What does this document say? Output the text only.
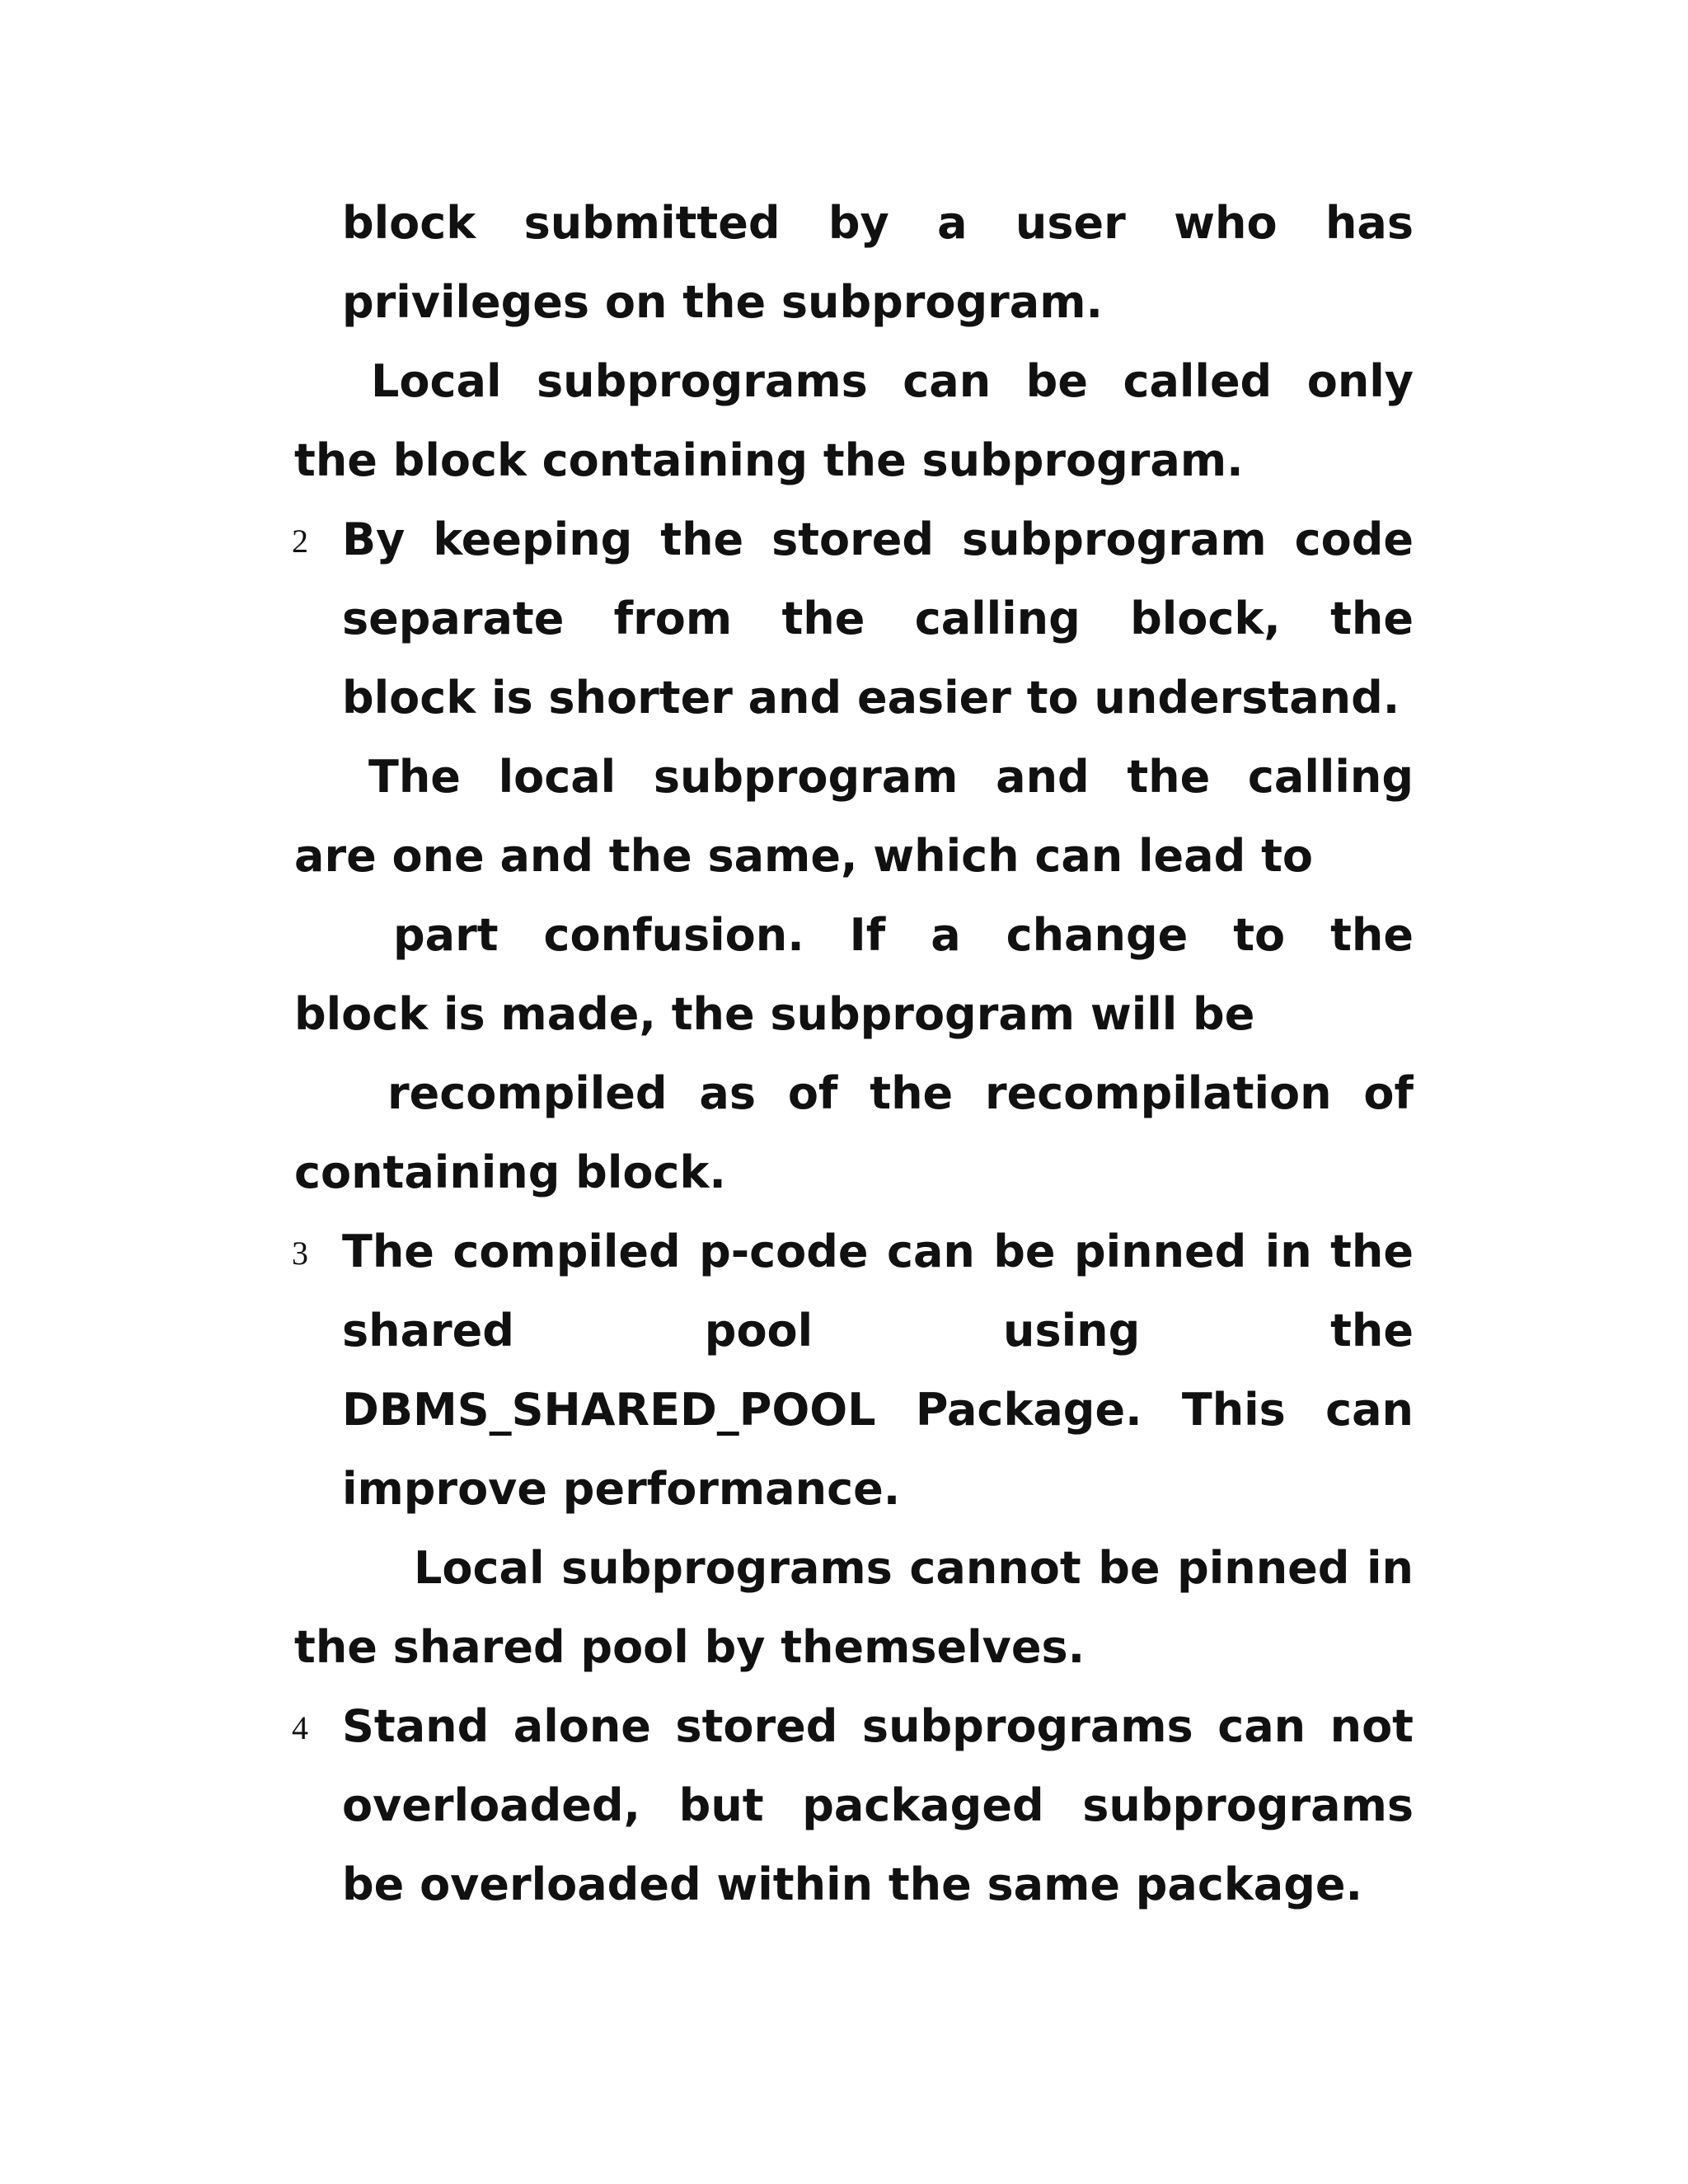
block submitted by a user who has
privileges on the subprogram.
Local subprograms can be called only
the block containing the subprogram.
2 By keeping the stored subprogram code
separate from the calling block, the
block is shorter and easier to understand.
The local subprogram and the calling
are one and the same, which can lead to
part confusion. If a change to the
block is made, the subprogram will be
recompiled as of the recompilation of
containing block.
3 The compiled p-code can be pinned in the
shared pool using the
DBMS_SHARED_POOL Package. This can
improve performance.
Local subprograms cannot be pinned in
the shared pool by themselves.
4 Stand alone stored subprograms can not
overloaded, but packaged subprograms
be overloaded within the same package.
